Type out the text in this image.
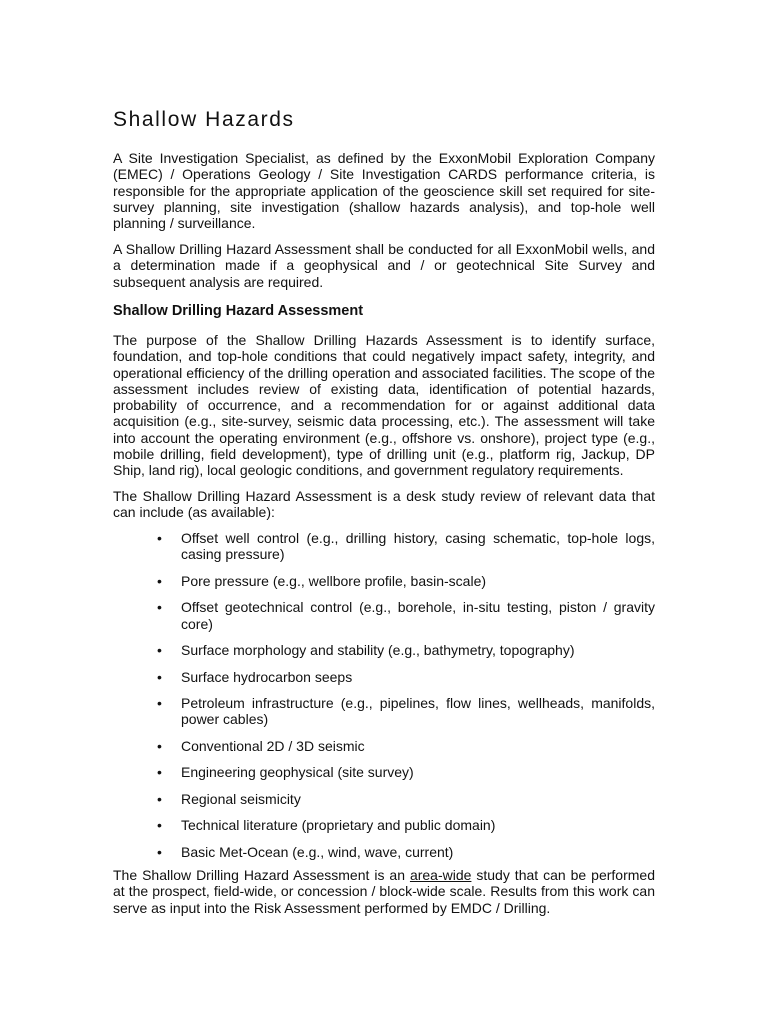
Shallow Hazards

A Site Investigation Specialist, as defined by the ExxonMobil Exploration Company (EMEC) / Operations Geology / Site Investigation CARDS performance criteria, is responsible for the appropriate application of the geoscience skill set required for site-survey planning, site investigation (shallow hazards analysis), and top-hole well planning / surveillance.

A Shallow Drilling Hazard Assessment shall be conducted for all ExxonMobil wells, and a determination made if a geophysical and / or geotechnical Site Survey and subsequent analysis are required.

Shallow Drilling Hazard Assessment

The purpose of the Shallow Drilling Hazards Assessment is to identify surface, foundation, and top-hole conditions that could negatively impact safety, integrity, and operational efficiency of the drilling operation and associated facilities. The scope of the assessment includes review of existing data, identification of potential hazards, probability of occurrence, and a recommendation for or against additional data acquisition (e.g., site-survey, seismic data processing, etc.). The assessment will take into account the operating environment (e.g., offshore vs. onshore), project type (e.g., mobile drilling, field development), type of drilling unit (e.g., platform rig, Jackup, DP Ship, land rig), local geologic conditions, and government regulatory requirements.

The Shallow Drilling Hazard Assessment is a desk study review of relevant data that can include (as available):

• Offset well control (e.g., drilling history, casing schematic, top-hole logs, casing pressure)
• Pore pressure (e.g., wellbore profile, basin-scale)
• Offset geotechnical control (e.g., borehole, in-situ testing, piston / gravity core)
• Surface morphology and stability (e.g., bathymetry, topography)
• Surface hydrocarbon seeps
• Petroleum infrastructure (e.g., pipelines, flow lines, wellheads, manifolds, power cables)
• Conventional 2D / 3D seismic
• Engineering geophysical (site survey)
• Regional seismicity
• Technical literature (proprietary and public domain)
• Basic Met-Ocean (e.g., wind, wave, current)

The Shallow Drilling Hazard Assessment is an area-wide study that can be performed at the prospect, field-wide, or concession / block-wide scale. Results from this work can serve as input into the Risk Assessment performed by EMDC / Drilling.
